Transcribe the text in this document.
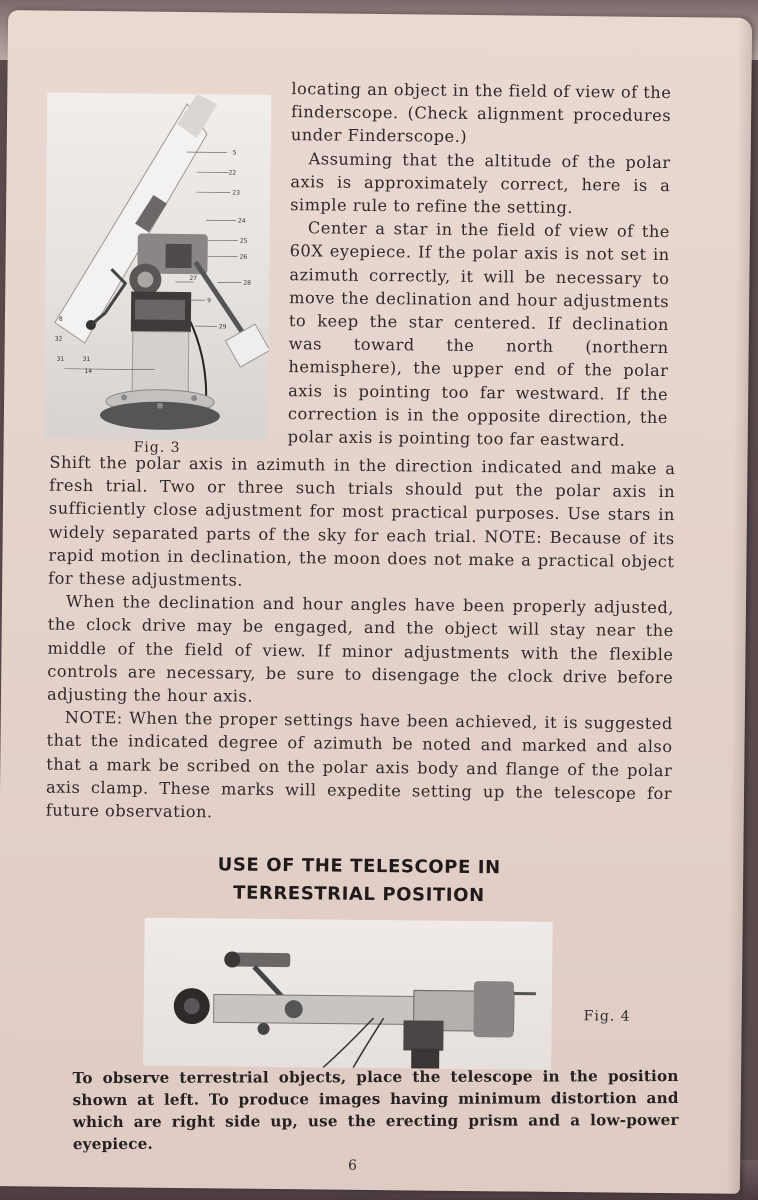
5
22
23
24
25
26
28
27
9
29
8
32
31	31
14
Fig. 3

locating an object in the field of view of the finderscope. (Check alignment procedures under Finderscope.)

Assuming that the altitude of the polar axis is approximately correct, here is a simple rule to refine the setting.

Center a star in the field of view of the 60X eyepiece. If the polar axis is not set in azimuth correctly, it will be necessary to move the declination and hour adjustments to keep the star centered. If declination was toward the north (northern hemisphere), the upper end of the polar axis is pointing too far westward. If the correction is in the opposite direction, the polar axis is pointing too far eastward.

Shift the polar axis in azimuth in the direction indicated and make a fresh trial. Two or three such trials should put the polar axis in sufficiently close adjustment for most practical purposes. Use stars in widely separated parts of the sky for each trial. NOTE: Because of its rapid motion in declination, the moon does not make a practical object for these adjustments.

When the declination and hour angles have been properly adjusted, the clock drive may be engaged, and the object will stay near the middle of the field of view. If minor adjustments with the flexible controls are necessary, be sure to disengage the clock drive before adjusting the hour axis.

NOTE: When the proper settings have been achieved, it is suggested that the indicated degree of azimuth be noted and marked and also that a mark be scribed on the polar axis body and flange of the polar axis clamp. These marks will expedite setting up the telescope for future observation.

USE OF THE TELESCOPE IN
TERRESTRIAL POSITION
Fig. 4

To observe terrestrial objects, place the telescope in the position shown at left. To produce images having minimum distortion and which are right side up, use the erecting prism and a low-power eyepiece.

6
